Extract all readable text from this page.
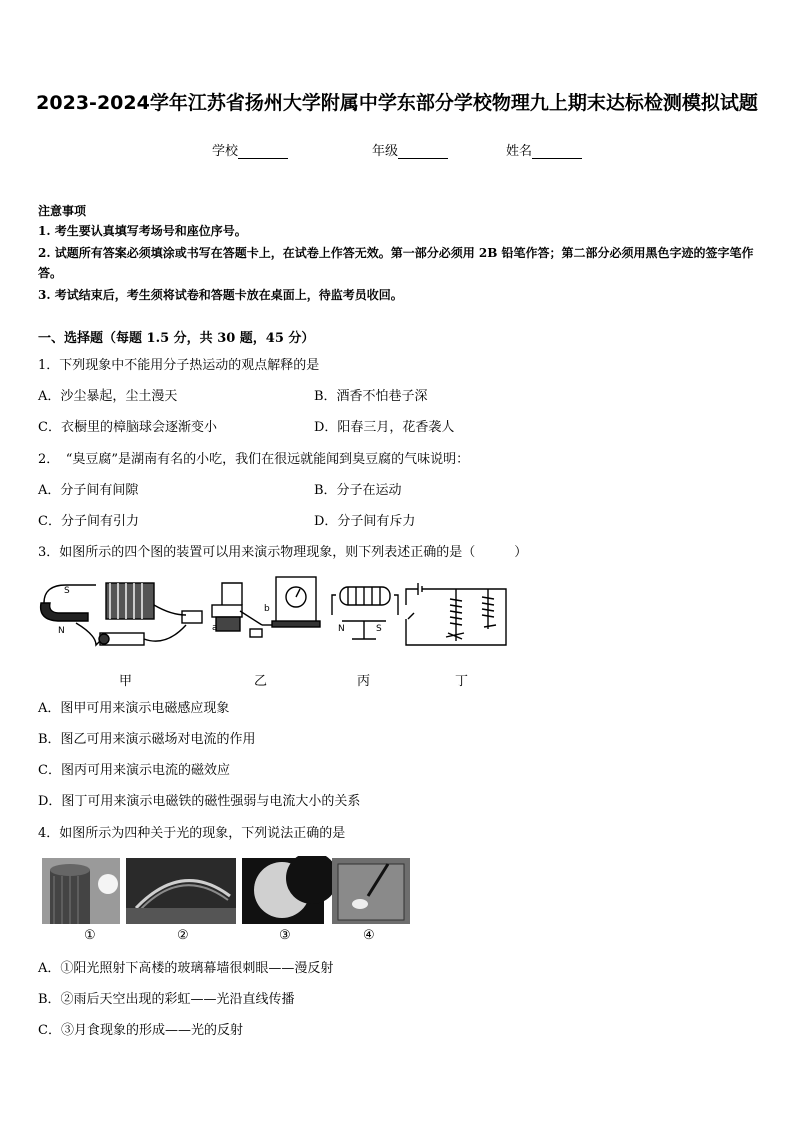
2023-2024学年江苏省扬州大学附属中学东部分学校物理九上期末达标检测模拟试题
学校	年级	姓名
注意事项
1. 考生要认真填写考场号和座位序号。
2. 试题所有答案必须填涂或书写在答题卡上，在试卷上作答无效。第一部分必须用 2B 铅笔作答；第二部分必须用黑色字迹的签字笔作答。
3. 考试结束后，考生须将试卷和答题卡放在桌面上，待监考员收回。
一、选择题（每题 1.5 分，共 30 题，45 分）
1．下列现象中不能用分子热运动的观点解释的是
A．沙尘暴起，尘土漫天	B．酒香不怕巷子深
C．衣橱里的樟脑球会逐渐变小	D．阳春三月，花香袭人
2．　“臭豆腐”是湖南有名的小吃，我们在很远就能闻到臭豆腐的气味说明：
A．分子间有间隙	B．分子在运动
C．分子间有引力	D．分子间有斥力
3．如图所示的四个图的装置可以用来演示物理现象，则下列表述正确的是（　　　）
S
N	a
b
N	S
甲	乙	丙	丁
A．图甲可用来演示电磁感应现象
B．图乙可用来演示磁场对电流的作用
C．图丙可用来演示电流的磁效应
D．图丁可用来演示电磁铁的磁性强弱与电流大小的关系
4．如图所示为四种关于光的现象，下列说法正确的是
①	②	③	④
A．①阳光照射下高楼的玻璃幕墙很刺眼——漫反射
B．②雨后天空出现的彩虹——光沿直线传播
C．③月食现象的形成——光的反射
